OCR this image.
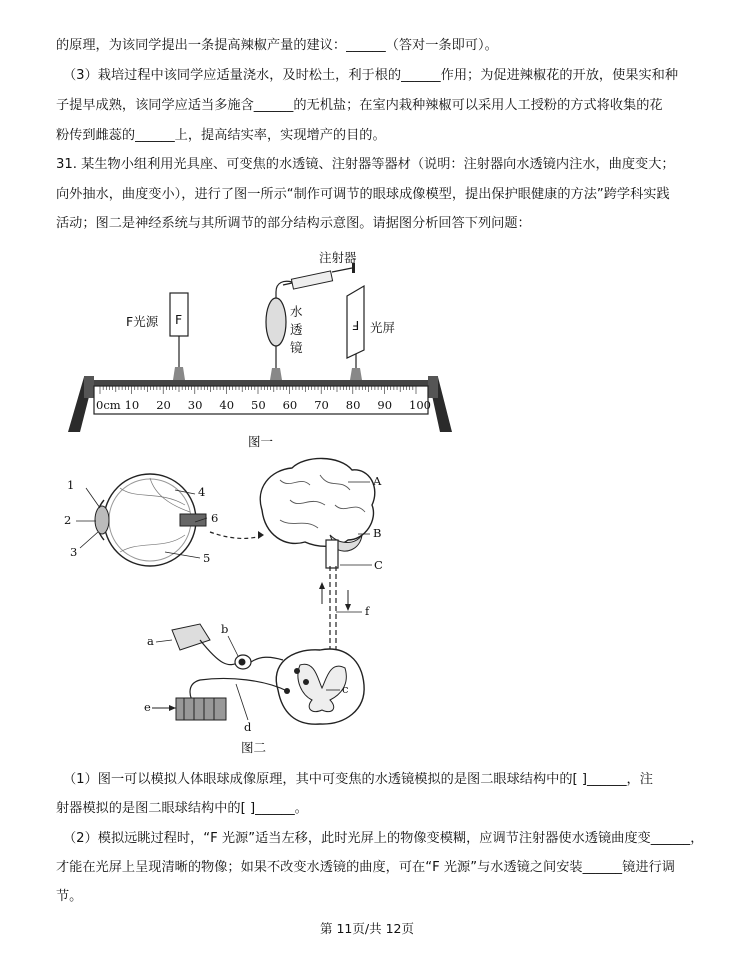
的原理，为该同学提出一条提高辣椒产量的建议：______（答对一条即可）。
（3）栽培过程中该同学应适量浇水，及时松土，利于根的______作用；为促进辣椒花的开放，使果实和种
子提早成熟，该同学应适当多施含______的无机盐；在室内栽种辣椒可以采用人工授粉的方式将收集的花
粉传到雌蕊的______上，提高结实率，实现增产的目的。
31. 某生物小组利用光具座、可变焦的水透镜、注射器等器材（说明：注射器向水透镜内注水，曲度变大；
向外抽水，曲度变小），进行了图一所示“制作可调节的眼球成像模型，提出保护眼健康的方法”跨学科实践
活动；图二是神经系统与其所调节的部分结构示意图。请据图分析回答下列问题：
注射器
F光源 F
水
透
镜
F 光屏
0cm 10 20 30 40 50 60 70 80 90 100
图一
1
2
3
4
5
6
A
B
C
f
a
b
c
d
e
图二
（1）图一可以模拟人体眼球成像原理，其中可变焦的水透镜模拟的是图二眼球结构中的[ ]______，注
射器模拟的是图二眼球结构中的[ ]______。
（2）模拟远眺过程时，“F 光源”适当左移，此时光屏上的物像变模糊，应调节注射器使水透镜曲度变______，
才能在光屏上呈现清晰的物像；如果不改变水透镜的曲度，可在“F 光源”与水透镜之间安装______镜进行调
节。
第 11页/共 12页
